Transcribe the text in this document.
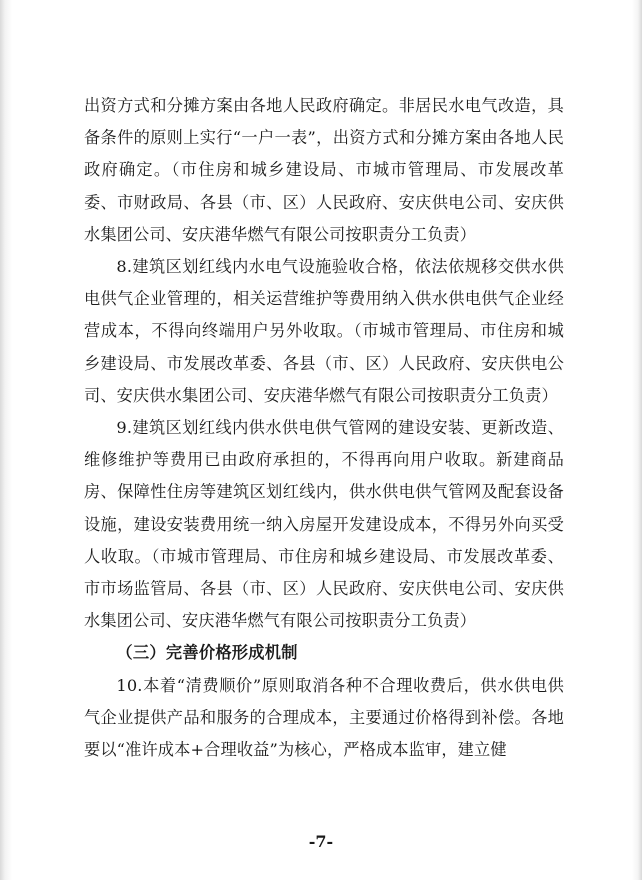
出资方式和分摊方案由各地人民政府确定。非居民水电气改造，具备条件的原则上实行“一户一表”，出资方式和分摊方案由各地人民政府确定。（市住房和城乡建设局、市城市管理局、市发展改革委、市财政局、各县（市、区）人民政府、安庆供电公司、安庆供水集团公司、安庆港华燃气有限公司按职责分工负责）

8.建筑区划红线内水电气设施验收合格，依法依规移交供水供电供气企业管理的，相关运营维护等费用纳入供水供电供气企业经营成本，不得向终端用户另外收取。（市城市管理局、市住房和城乡建设局、市发展改革委、各县（市、区）人民政府、安庆供电公司、安庆供水集团公司、安庆港华燃气有限公司按职责分工负责）

9.建筑区划红线内供水供电供气管网的建设安装、更新改造、维修维护等费用已由政府承担的，不得再向用户收取。新建商品房、保障性住房等建筑区划红线内，供水供电供气管网及配套设备设施，建设安装费用统一纳入房屋开发建设成本，不得另外向买受人收取。（市城市管理局、市住房和城乡建设局、市发展改革委、市市场监管局、各县（市、区）人民政府、安庆供电公司、安庆供水集团公司、安庆港华燃气有限公司按职责分工负责）

（三）完善价格形成机制

10.本着“清费顺价”原则取消各种不合理收费后，供水供电供气企业提供产品和服务的合理成本，主要通过价格得到补偿。各地要以“准许成本+合理收益”为核心，严格成本监审，建立健

-7-
